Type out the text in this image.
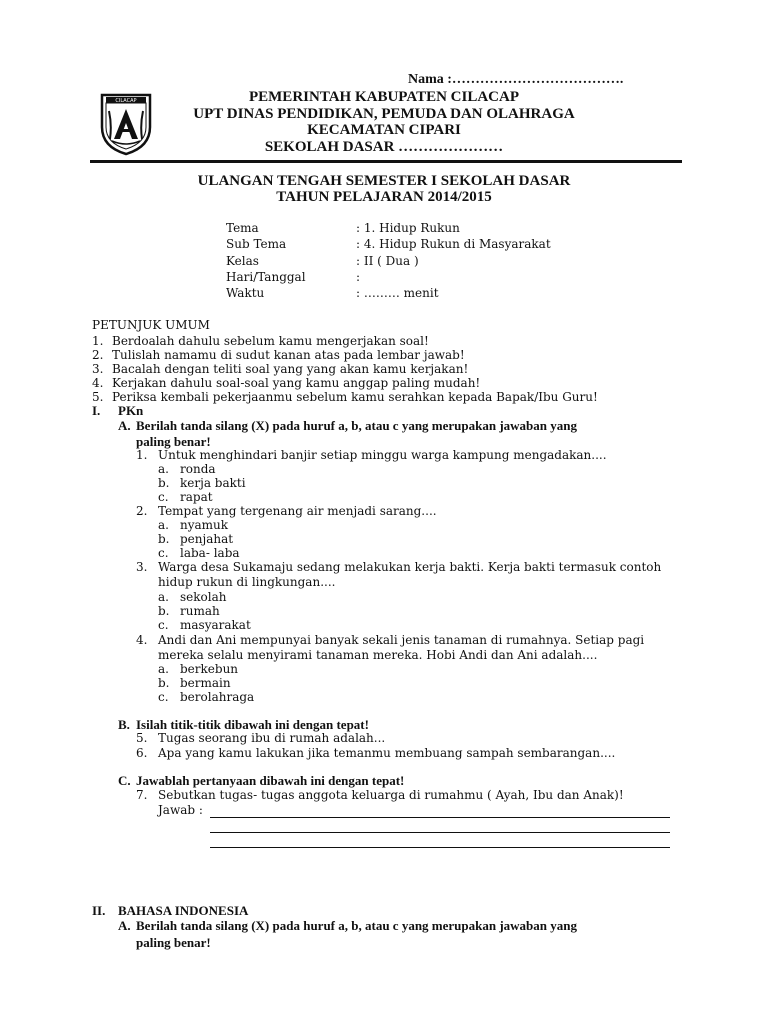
Nama :……………………………….
CILACAP	PEMERINTAH KABUPATEN CILACAP
UPT DINAS PENDIDIKAN, PEMUDA DAN OLAHRAGA
KECAMATAN CIPARI
SEKOLAH DASAR …………………
ULANGAN TENGAH SEMESTER I SEKOLAH DASAR
TAHUN PELAJARAN 2014/2015
Tema	: 1. Hidup Rukun
Sub Tema	: 4. Hidup Rukun di Masyarakat
Kelas	: II ( Dua )
Hari/Tanggal	:
Waktu	: ……… menit
PETUNJUK UMUM
1. Berdoalah dahulu sebelum kamu mengerjakan soal!
2. Tulislah namamu di sudut kanan atas pada lembar jawab!
3. Bacalah dengan teliti soal yang yang akan kamu kerjakan!
4. Kerjakan dahulu soal-soal yang kamu anggap paling mudah!
5. Periksa kembali pekerjaanmu sebelum kamu serahkan kepada Bapak/Ibu Guru!
I. PKn
A. Berilah tanda silang (X) pada huruf a, b, atau c yang merupakan jawaban yang
paling benar!
1. Untuk menghindari banjir setiap minggu warga kampung mengadakan....
a. ronda
b. kerja bakti
c. rapat
2. Tempat yang tergenang air menjadi sarang....
a. nyamuk
b. penjahat
c. laba- laba
3. Warga desa Sukamaju sedang melakukan kerja bakti. Kerja bakti termasuk contoh
hidup rukun di lingkungan....
a. sekolah
b. rumah
c. masyarakat
4. Andi dan Ani mempunyai banyak sekali jenis tanaman di rumahnya. Setiap pagi
mereka selalu menyirami tanaman mereka. Hobi Andi dan Ani adalah....
a. berkebun
b. bermain
c. berolahraga
B. Isilah titik-titik dibawah ini dengan tepat!
5. Tugas seorang ibu di rumah adalah...
6. Apa yang kamu lakukan jika temanmu membuang sampah sembarangan....
C. Jawablah pertanyaan dibawah ini dengan tepat!
7. Sebutkan tugas- tugas anggota keluarga di rumahmu ( Ayah, Ibu dan Anak)!
Jawab :
II. BAHASA INDONESIA
A. Berilah tanda silang (X) pada huruf a, b, atau c yang merupakan jawaban yang
paling benar!
